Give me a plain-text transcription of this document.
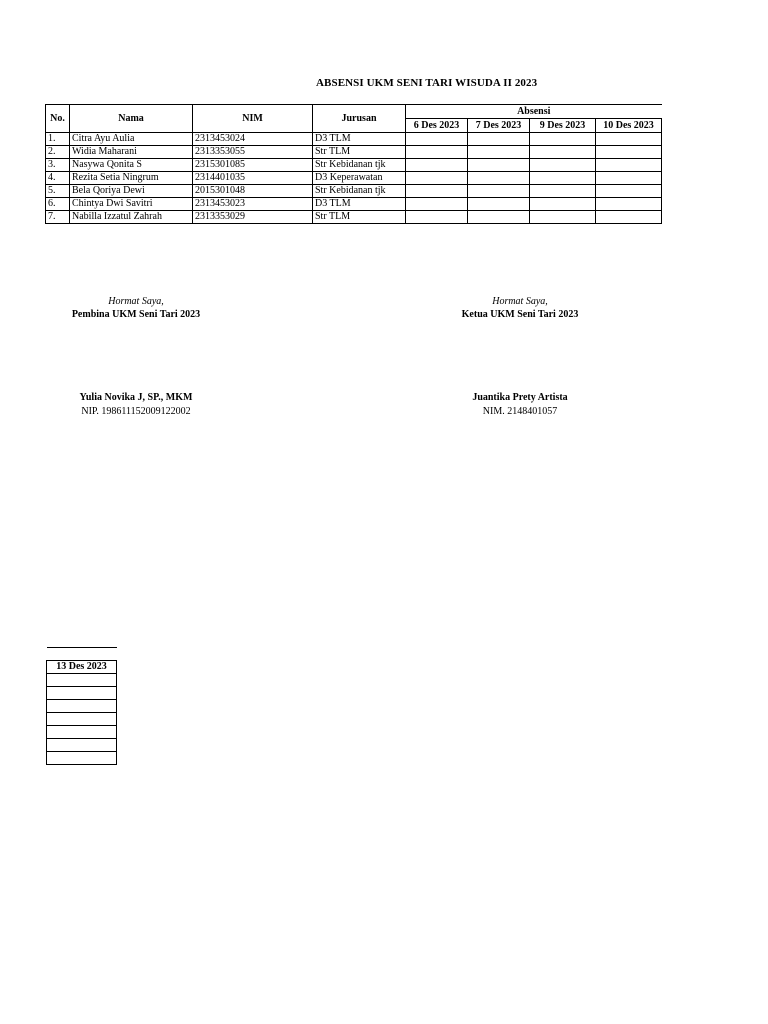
ABSENSI UKM SENI TARI WISUDA II 2023
No.	Nama	NIM	Jurusan	Absensi			
				6 Des 2023	7 Des 2023	9 Des 2023	10 Des 2023
1.	Citra Ayu Aulia	2313453024	D3 TLM				
2.	Widia Maharani	2313353055	Str TLM				
3.	Nasywa Qonita S	2315301085	Str Kebidanan tjk				
4.	Rezita Setia Ningrum	2314401035	D3 Keperawatan				
5.	Bela Qoriya Dewi	2015301048	Str Kebidanan tjk				
6.	Chintya Dwi Savitri	2313453023	D3 TLM				
7.	Nabilla Izzatul Zahrah	2313353029	Str TLM				
Hormat Saya,
Pembina UKM Seni Tari 2023
Yulia Novika J, SP., MKM
NIP. 198611152009122002
Hormat Saya,
Ketua UKM Seni Tari 2023
Juantika Prety Artista
NIM. 2148401057

13 Des 2023
